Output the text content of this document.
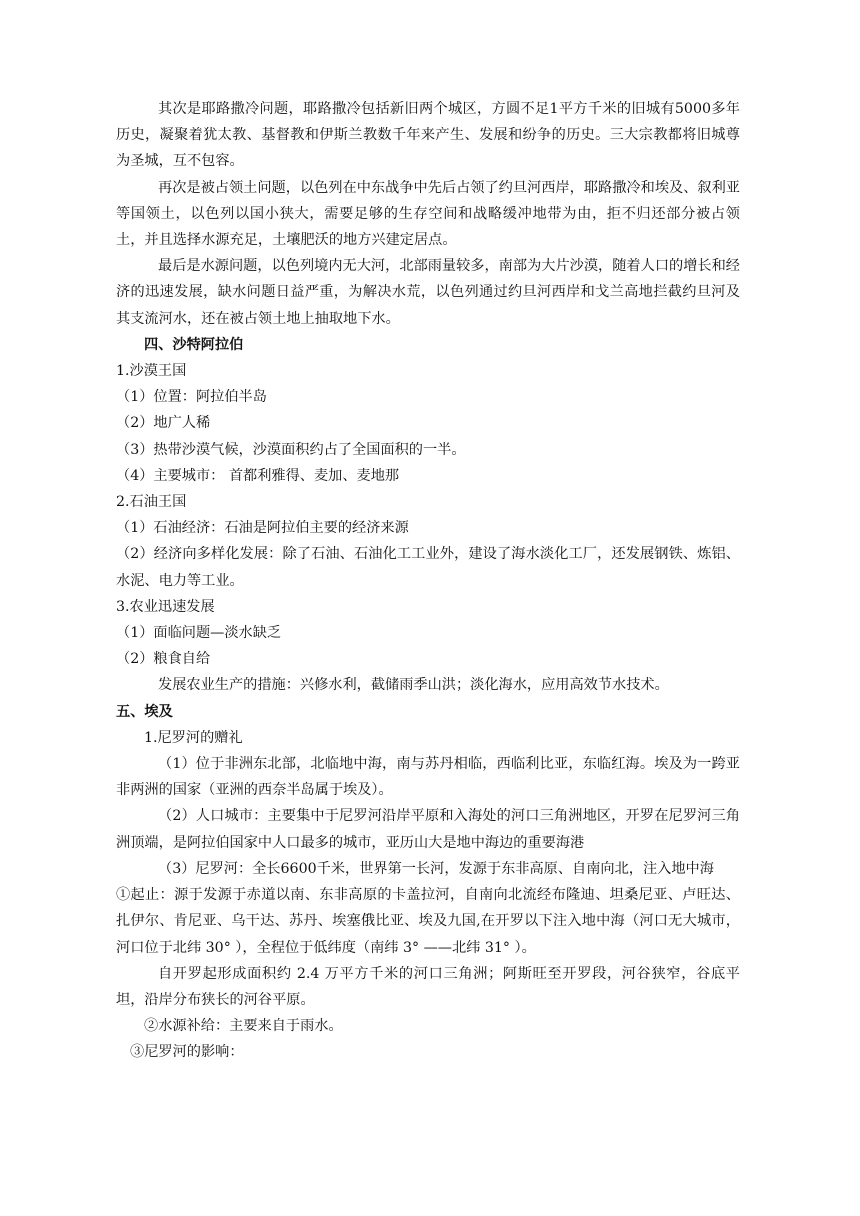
其次是耶路撒冷问题，耶路撒冷包括新旧两个城区，方圆不足1平方千米的旧城有5000多年历史，凝聚着犹太教、基督教和伊斯兰教数千年来产生、发展和纷争的历史。三大宗教都将旧城尊为圣城，互不包容。

再次是被占领土问题，以色列在中东战争中先后占领了约旦河西岸，耶路撒冷和埃及、叙利亚等国领土，以色列以国小狭大，需要足够的生存空间和战略缓冲地带为由，拒不归还部分被占领土，并且选择水源充足，土壤肥沃的地方兴建定居点。

最后是水源问题，以色列境内无大河，北部雨量较多，南部为大片沙漠，随着人口的增长和经济的迅速发展，缺水问题日益严重，为解决水荒，以色列通过约旦河西岸和戈兰高地拦截约旦河及其支流河水，还在被占领土地上抽取地下水。

四、沙特阿拉伯

1.沙漠王国

（1）位置：阿拉伯半岛

（2）地广人稀

（3）热带沙漠气候，沙漠面积约占了全国面积的一半。

（4）主要城市： 首都利雅得、麦加、麦地那

2.石油王国

（1）石油经济：石油是阿拉伯主要的经济来源

（2）经济向多样化发展：除了石油、石油化工工业外，建设了海水淡化工厂，还发展钢铁、炼铝、水泥、电力等工业。

3.农业迅速发展

（1）面临问题—淡水缺乏

（2）粮食自给

发展农业生产的措施：兴修水利，截储雨季山洪；淡化海水，应用高效节水技术。

五、埃及

1.尼罗河的赠礼

（1）位于非洲东北部，北临地中海，南与苏丹相临，西临利比亚，东临红海。埃及为一跨亚非两洲的国家（亚洲的西奈半岛属于埃及）。

（2）人口城市：主要集中于尼罗河沿岸平原和入海处的河口三角洲地区，开罗在尼罗河三角洲顶端，是阿拉伯国家中人口最多的城市，亚历山大是地中海边的重要海港

（3）尼罗河：全长6600千米，世界第一长河，发源于东非高原、自南向北，注入地中海

①起止：源于发源于赤道以南、东非高原的卡盖拉河，自南向北流经布隆迪、坦桑尼亚、卢旺达、扎伊尔、肯尼亚、乌干达、苏丹、埃塞俄比亚、埃及九国,在开罗以下注入地中海（河口无大城市，河口位于北纬 30° ），全程位于低纬度（南纬 3° ——北纬 31° ）。

自开罗起形成面积约 2.4 万平方千米的河口三角洲；阿斯旺至开罗段，河谷狭窄，谷底平坦，沿岸分布狭长的河谷平原。

②水源补给：主要来自于雨水。

③尼罗河的影响：
